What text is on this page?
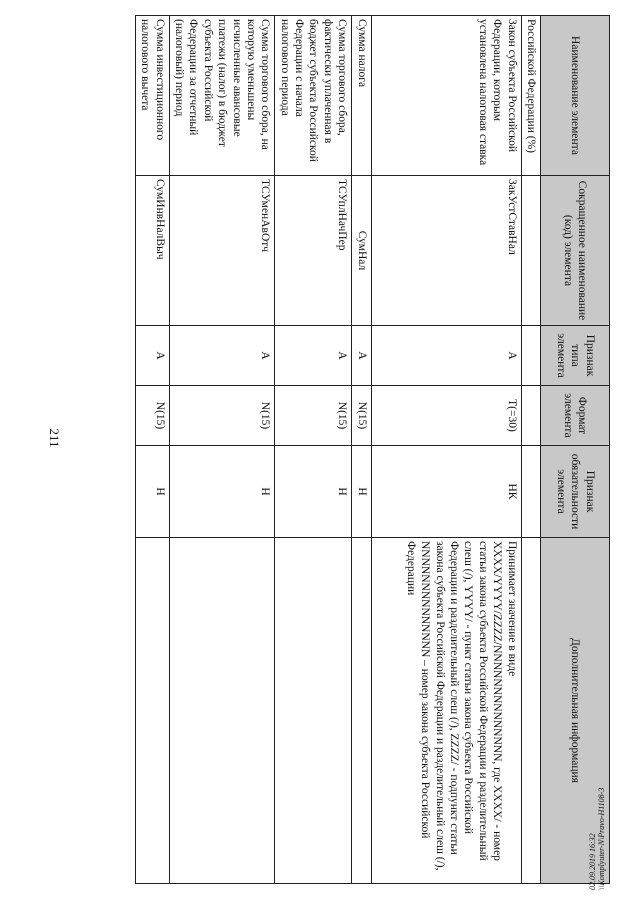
211
Наименование элемента	Сокращенное наименование (код) элемента	Признак типа элемента	Формат элемента	Признак обязательности элемента	Дополнительная информация
Российской Федерации (%)					
Закон субъекта Российской Федерации, которым установлена налоговая ставка	ЗакУстСтавНал	А	T(=30)	НК	Принимает значение в виде XXXX/YYYY/ZZZZ/NNNNNNNNNNNNNN, где XXXX/ - номер статьи закона субъекта Российской Федерации и разделительный слеш (/), YYYY/ - пункт статьи закона субъекта Российской Федерации и разделительный слеш (/), ZZZZ/ - подпункт статьи закона субъекта Российской Федерации и разделительный слеш (/), NNNNNNNNNNNNNN – номер закона субъекта Российской Федерации
Сумма налога	СумНал	А	N(15)	Н	
Сумма торгового сбора, фактически уплаченная в бюджет субъекта Российской Федерации с начала налогового периода	ТСУплНачПер	А	N(15)	Н	
Сумма торгового сбора, на которую уменьшены исчисленные авансовые платежи (налог) в бюджет субъекта Российской Федерации за отчетный (налоговый) период	ТСУменАвОтч	А	N(15)	Н	
Сумма инвестиционного налогового вычета	СумИнвНалВыч	А	N(15)	Н	
02.09.2019 16:32 \\Komplyuter-N\Pravo-H1108-3
